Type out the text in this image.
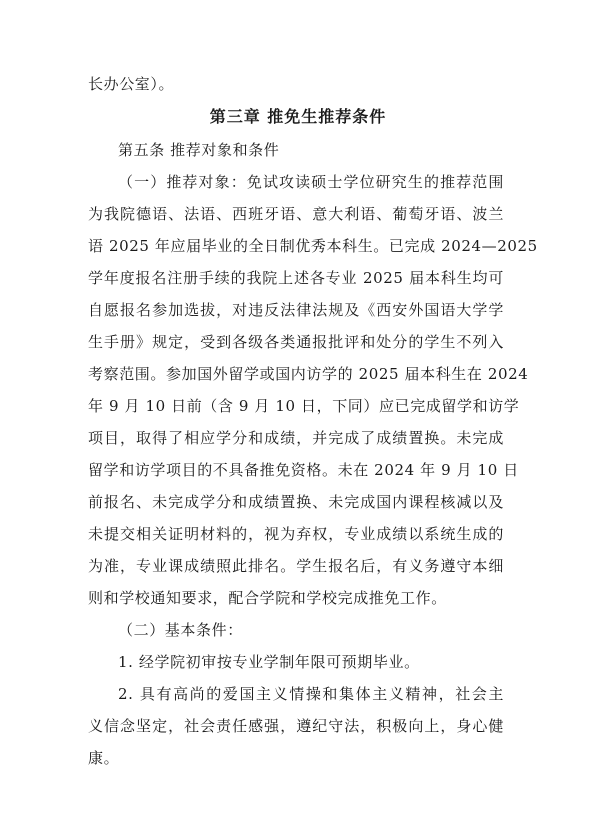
长办公室）。
第三章 推免生推荐条件
第五条 推荐对象和条件
（一）推荐对象：免试攻读硕士学位研究生的推荐范围
为我院德语、法语、西班牙语、意大利语、葡萄牙语、波兰
语 2025 年应届毕业的全日制优秀本科生。已完成 2024—2025
学年度报名注册手续的我院上述各专业 2025 届本科生均可
自愿报名参加选拔，对违反法律法规及《西安外国语大学学
生手册》规定，受到各级各类通报批评和处分的学生不列入
考察范围。参加国外留学或国内访学的 2025 届本科生在 2024
年 9 月 10 日前（含 9 月 10 日，下同）应已完成留学和访学
项目，取得了相应学分和成绩，并完成了成绩置换。未完成
留学和访学项目的不具备推免资格。未在 2024 年 9 月 10 日
前报名、未完成学分和成绩置换、未完成国内课程核减以及
未提交相关证明材料的，视为弃权，专业成绩以系统生成的
为准，专业课成绩照此排名。学生报名后，有义务遵守本细
则和学校通知要求，配合学院和学校完成推免工作。
（二）基本条件：
1. 经学院初审按专业学制年限可预期毕业。
2. 具有高尚的爱国主义情操和集体主义精神，社会主
义信念坚定，社会责任感强，遵纪守法，积极向上，身心健
康。
